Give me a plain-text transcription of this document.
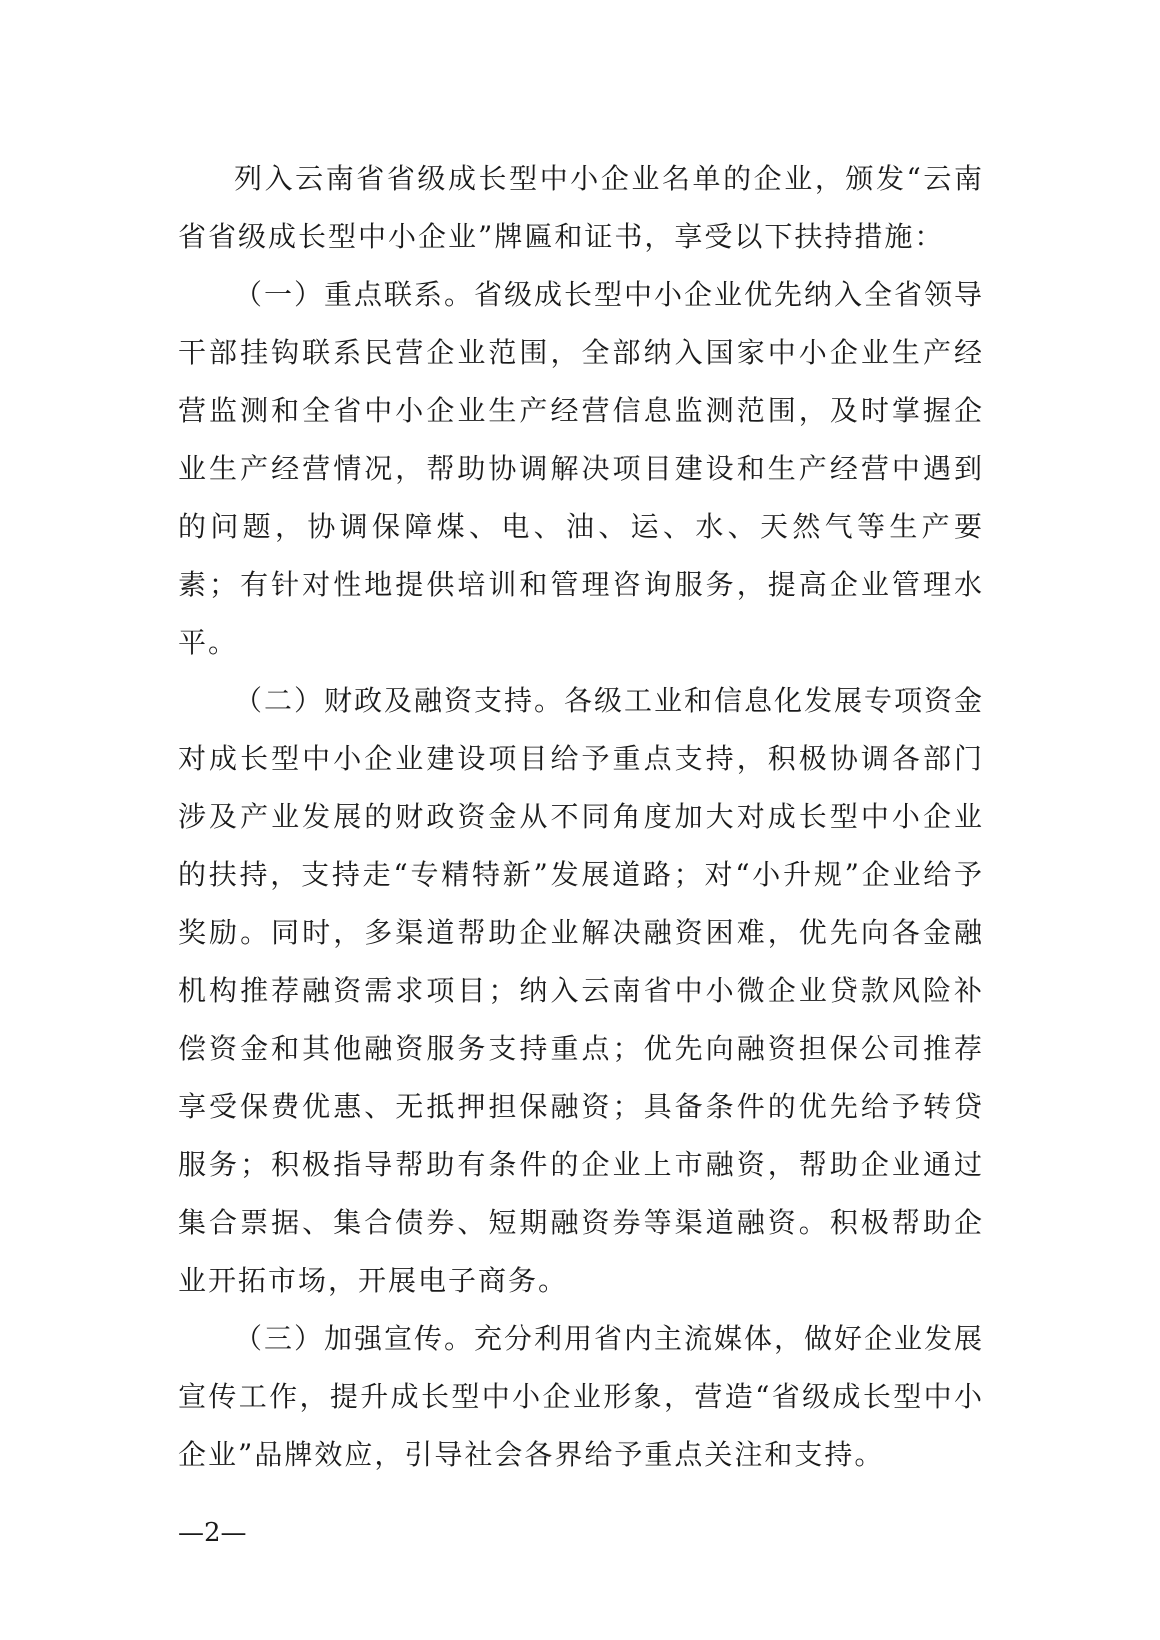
列入云南省省级成长型中小企业名单的企业，颁发“云南省省级成长型中小企业”牌匾和证书，享受以下扶持措施：

（一）重点联系。省级成长型中小企业优先纳入全省领导干部挂钩联系民营企业范围，全部纳入国家中小企业生产经营监测和全省中小企业生产经营信息监测范围，及时掌握企业生产经营情况，帮助协调解决项目建设和生产经营中遇到的问题，协调保障煤、电、油、运、水、天然气等生产要素；有针对性地提供培训和管理咨询服务，提高企业管理水平。

（二）财政及融资支持。各级工业和信息化发展专项资金对成长型中小企业建设项目给予重点支持，积极协调各部门涉及产业发展的财政资金从不同角度加大对成长型中小企业的扶持，支持走“专精特新”发展道路；对“小升规”企业给予奖励。同时，多渠道帮助企业解决融资困难，优先向各金融机构推荐融资需求项目；纳入云南省中小微企业贷款风险补偿资金和其他融资服务支持重点；优先向融资担保公司推荐享受保费优惠、无抵押担保融资；具备条件的优先给予转贷服务；积极指导帮助有条件的企业上市融资，帮助企业通过集合票据、集合债券、短期融资券等渠道融资。积极帮助企业开拓市场，开展电子商务。

（三）加强宣传。充分利用省内主流媒体，做好企业发展宣传工作，提升成长型中小企业形象，营造“省级成长型中小企业”品牌效应，引导社会各界给予重点关注和支持。

—2—
